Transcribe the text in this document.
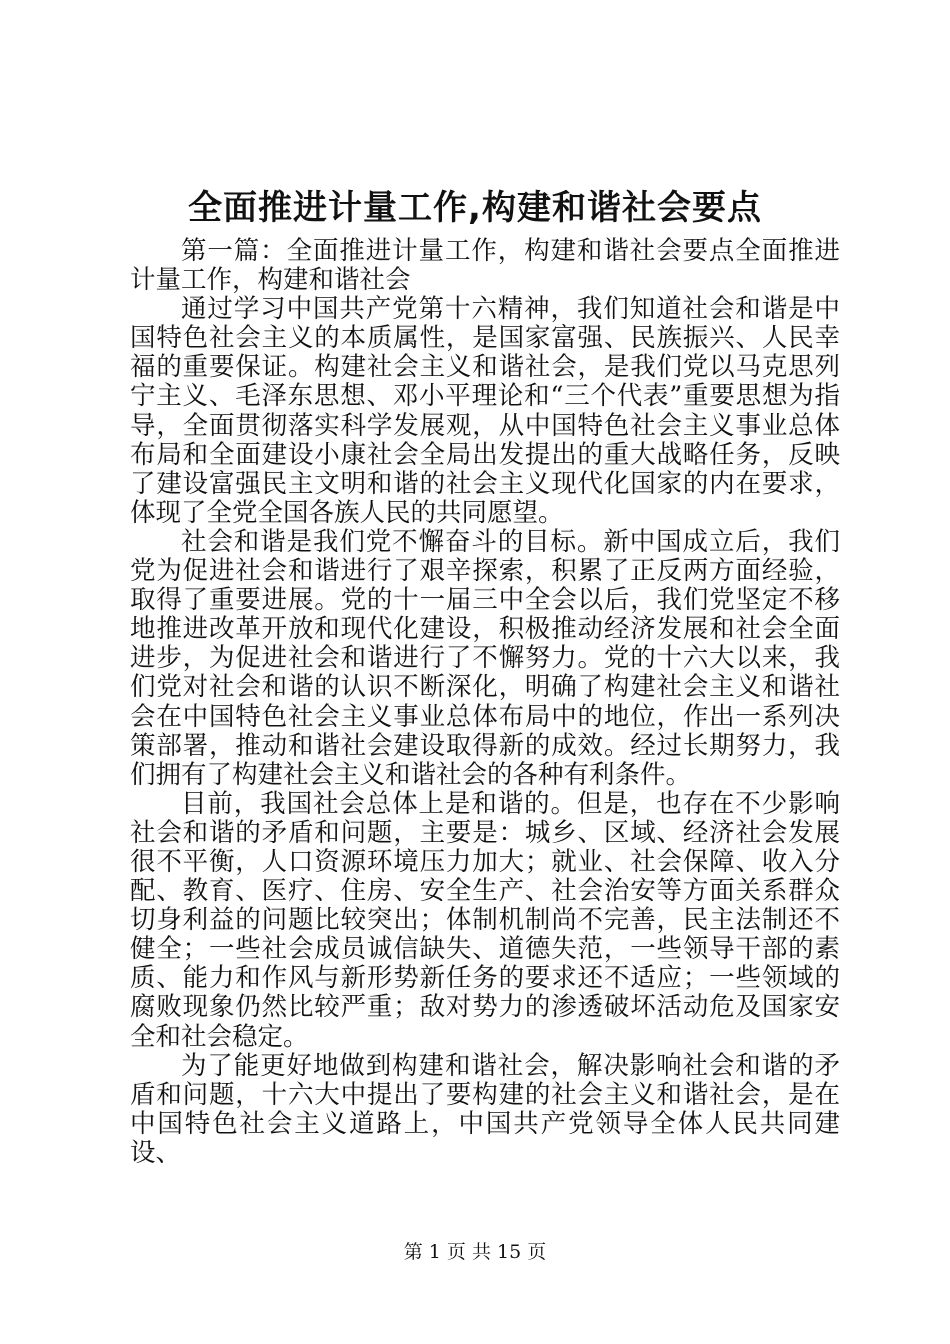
全面推进计量工作,构建和谐社会要点

第一篇：全面推进计量工作，构建和谐社会要点全面推进计量工作，构建和谐社会

通过学习中国共产党第十六精神，我们知道社会和谐是中国特色社会主义的本质属性，是国家富强、民族振兴、人民幸福的重要保证。构建社会主义和谐社会，是我们党以马克思列宁主义、毛泽东思想、邓小平理论和“三个代表”重要思想为指导，全面贯彻落实科学发展观，从中国特色社会主义事业总体布局和全面建设小康社会全局出发提出的重大战略任务，反映了建设富强民主文明和谐的社会主义现代化国家的内在要求，体现了全党全国各族人民的共同愿望。

社会和谐是我们党不懈奋斗的目标。新中国成立后，我们党为促进社会和谐进行了艰辛探索，积累了正反两方面经验，取得了重要进展。党的十一届三中全会以后，我们党坚定不移地推进改革开放和现代化建设，积极推动经济发展和社会全面进步，为促进社会和谐进行了不懈努力。党的十六大以来，我们党对社会和谐的认识不断深化，明确了构建社会主义和谐社会在中国特色社会主义事业总体布局中的地位，作出一系列决策部署，推动和谐社会建设取得新的成效。经过长期努力，我们拥有了构建社会主义和谐社会的各种有利条件。

目前，我国社会总体上是和谐的。但是，也存在不少影响社会和谐的矛盾和问题，主要是：城乡、区域、经济社会发展很不平衡，人口资源环境压力加大；就业、社会保障、收入分配、教育、医疗、住房、安全生产、社会治安等方面关系群众切身利益的问题比较突出；体制机制尚不完善，民主法制还不健全；一些社会成员诚信缺失、道德失范，一些领导干部的素质、能力和作风与新形势新任务的要求还不适应；一些领域的腐败现象仍然比较严重；敌对势力的渗透破坏活动危及国家安全和社会稳定。

为了能更好地做到构建和谐社会，解决影响社会和谐的矛盾和问题，十六大中提出了要构建的社会主义和谐社会，是在中国特色社会主义道路上，中国共产党领导全体人民共同建设、

第 1 页 共 15 页
